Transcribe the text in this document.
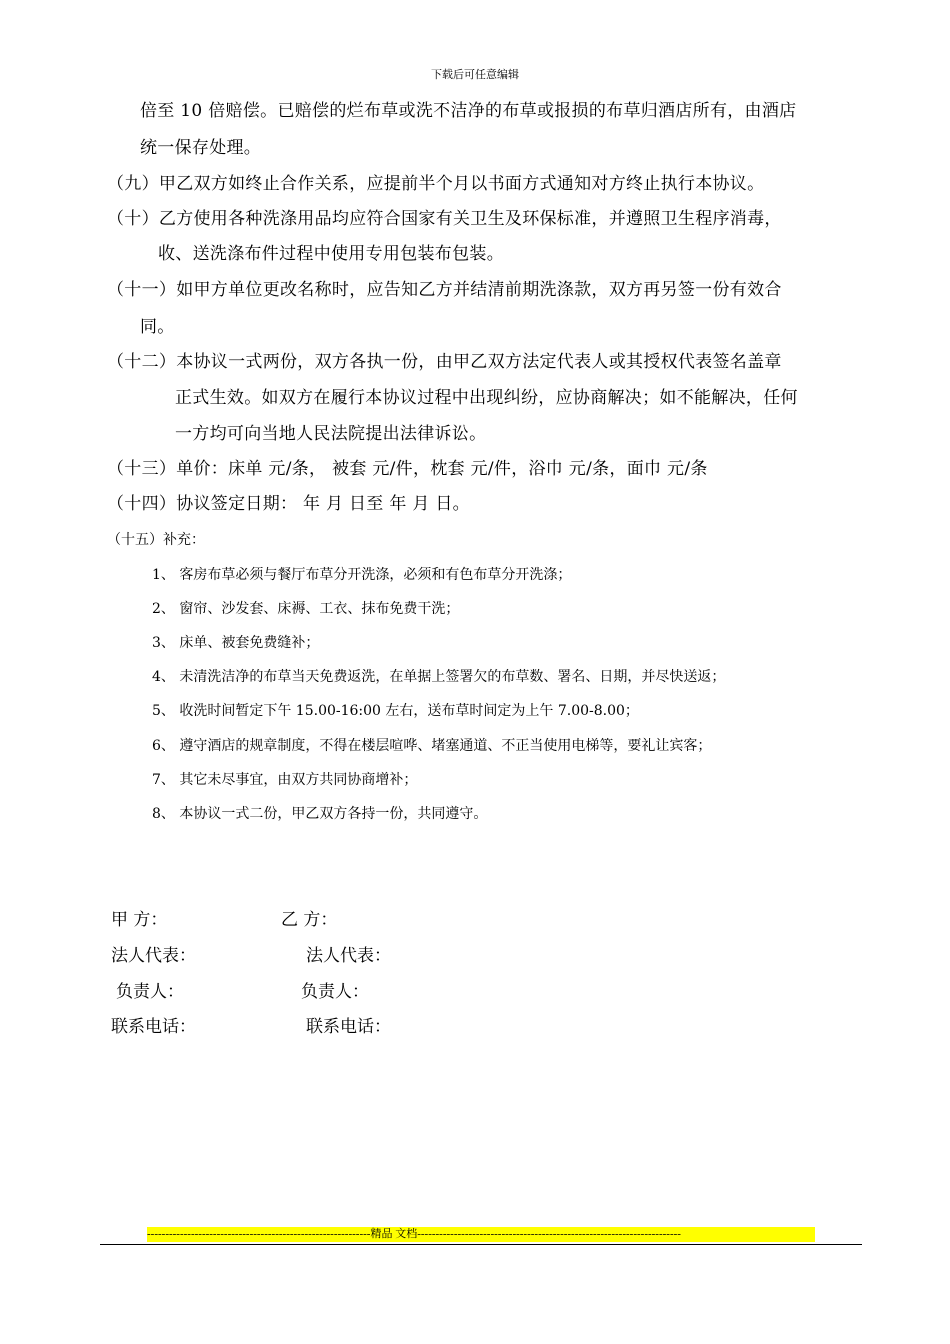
下载后可任意编辑
倍至 10 倍赔偿。已赔偿的烂布草或洗不洁净的布草或报损的布草归酒店所有，由酒店
统一保存处理。
（九）甲乙双方如终止合作关系，应提前半个月以书面方式通知对方终止执行本协议。
（十）乙方使用各种洗涤用品均应符合国家有关卫生及环保标准，并遵照卫生程序消毒，
收、送洗涤布件过程中使用专用包装布包装。
（十一）如甲方单位更改名称时，应告知乙方并结清前期洗涤款，双方再另签一份有效合
同。
（十二）本协议一式两份，双方各执一份，由甲乙双方法定代表人或其授权代表签名盖章
正式生效。如双方在履行本协议过程中出现纠纷，应协商解决；如不能解决，任何
一方均可向当地人民法院提出法律诉讼。
（十三）单价：床单 元/条， 被套 元/件，枕套 元/件，浴巾 元/条，面巾 元/条
（十四）协议签定日期： 年 月 日至 年 月 日。
（十五）补充：
1、 客房布草必须与餐厅布草分开洗涤，必须和有色布草分开洗涤；
2、 窗帘、沙发套、床褥、工衣、抹布免费干洗；
3、 床单、被套免费缝补；
4、 未清洗洁净的布草当天免费返洗，在单据上签署欠的布草数、署名、日期，并尽快送返；
5、 收洗时间暂定下午 15.00-16:00 左右，送布草时间定为上午 7.00-8.00；
6、 遵守酒店的规章制度，不得在楼层喧哗、堵塞通道、不正当使用电梯等，要礼让宾客；
7、 其它未尽事宜，由双方共同协商增补；
8、 本协议一式二份，甲乙双方各持一份，共同遵守。
甲 方：	乙 方：
法人代表：	法人代表：
负责人：	负责人：
联系电话：	联系电话：
-------------------------------------------------------------精品 文档------------------------------------------------------------------------
